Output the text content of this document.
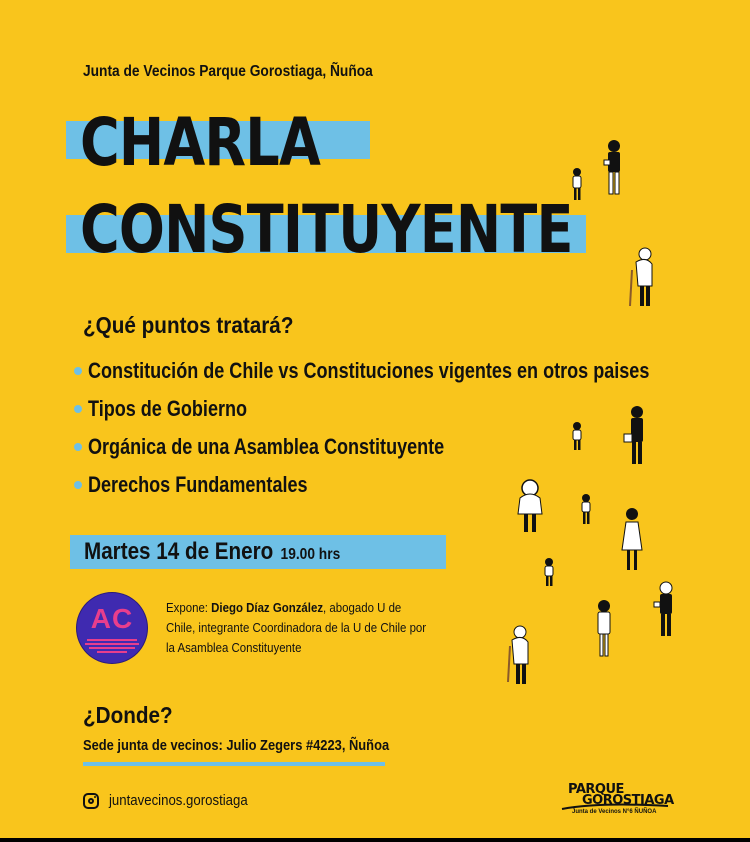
Junta de Vecinos Parque Gorostiaga, Ñuñoa
CHARLA
CONSTITUYENTE
¿Qué puntos tratará?
Constitución de Chile vs Constituciones vigentes en otros paises
Tipos de Gobierno
Orgánica de una Asamblea Constituyente
Derechos Fundamentales
Martes 14 de Enero 19.00 hrs
AC	Expone: Diego Díaz González, abogado U de Chile, integrante Coordinadora de la U de Chile por la Asamblea Constituyente
¿Donde?
Sede junta de vecinos: Julio Zegers #4223, Ñuñoa
juntavecinos.gorostiaga
PARQUE
GOROSTIAGA
Junta de Vecinos N°6 ÑUÑOA
